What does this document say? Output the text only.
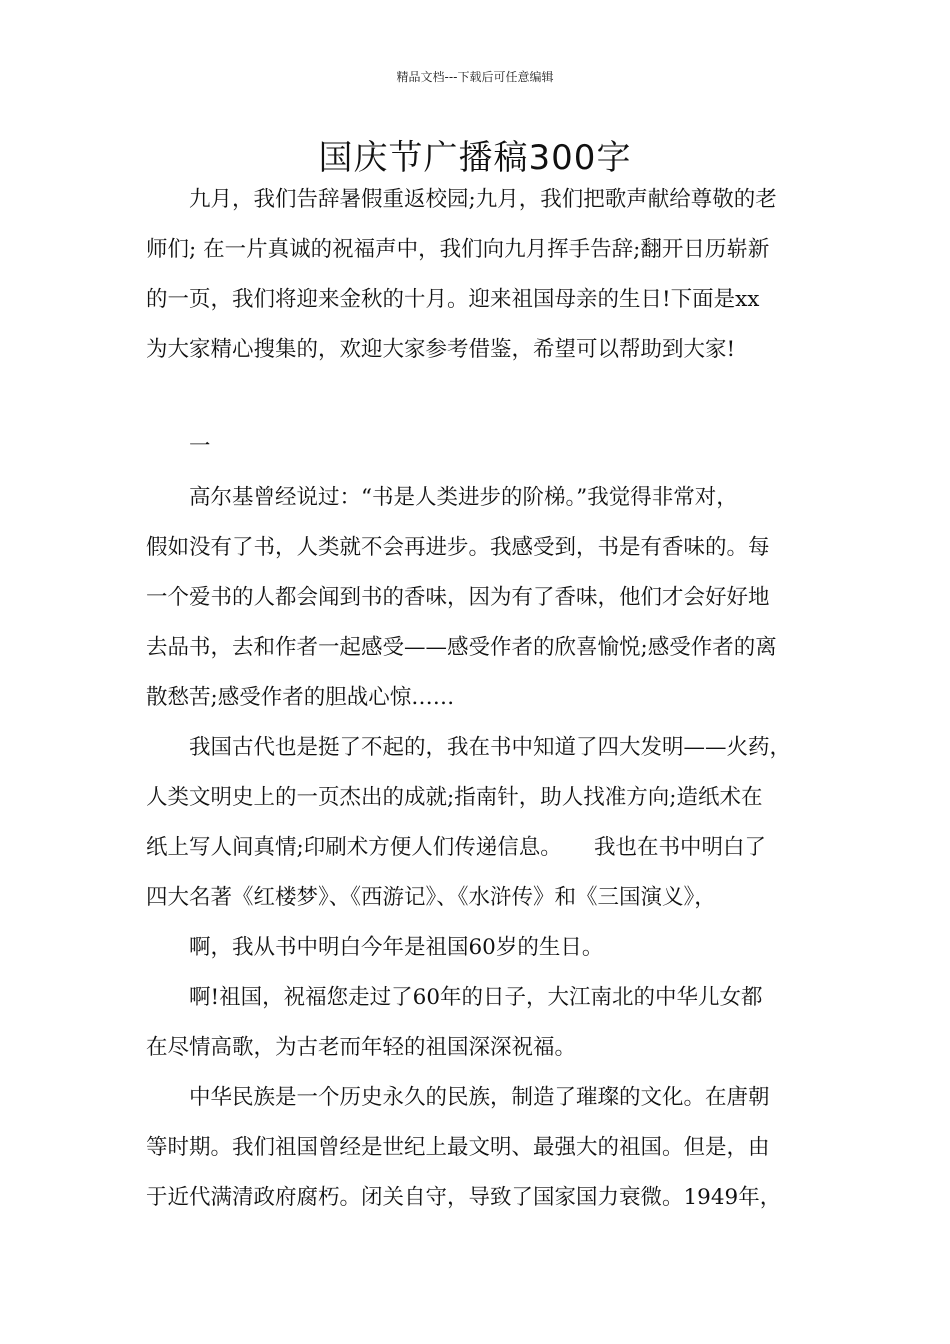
精品文档---下载后可任意编辑
国庆节广播稿300字
　　九月，我们告辞暑假重返校园;九月，我们把歌声献给尊敬的老
师们; 在一片真诚的祝福声中，我们向九月挥手告辞;翻开日历崭新
的一页，我们将迎来金秋的十月。迎来祖国母亲的生日!下面是xx
为大家精心搜集的，欢迎大家参考借鉴，希望可以帮助到大家!
　　一
　　高尔基曾经说过：“书是人类进步的阶梯。”我觉得非常对，
假如没有了书，人类就不会再进步。我感受到，书是有香味的。每
一个爱书的人都会闻到书的香味，因为有了香味，他们才会好好地
去品书，去和作者一起感受——感受作者的欣喜愉悦;感受作者的离
散愁苦;感受作者的胆战心惊……
　　我国古代也是挺了不起的，我在书中知道了四大发明——火药，
人类文明史上的一页杰出的成就;指南针，助人找准方向;造纸术在
纸上写人间真情;印刷术方便人们传递信息。　　我也在书中明白了
四大名著《红楼梦》、《西游记》、《水浒传》和《三国演义》，
　　啊，我从书中明白今年是祖国60岁的生日。
　　啊!祖国，祝福您走过了60年的日子，大江南北的中华儿女都
在尽情高歌，为古老而年轻的祖国深深祝福。
　　中华民族是一个历史永久的民族，制造了璀璨的文化。在唐朝
等时期。我们祖国曾经是世纪上最文明、最强大的祖国。但是，由
于近代满清政府腐朽。闭关自守，导致了国家国力衰微。1949年，
